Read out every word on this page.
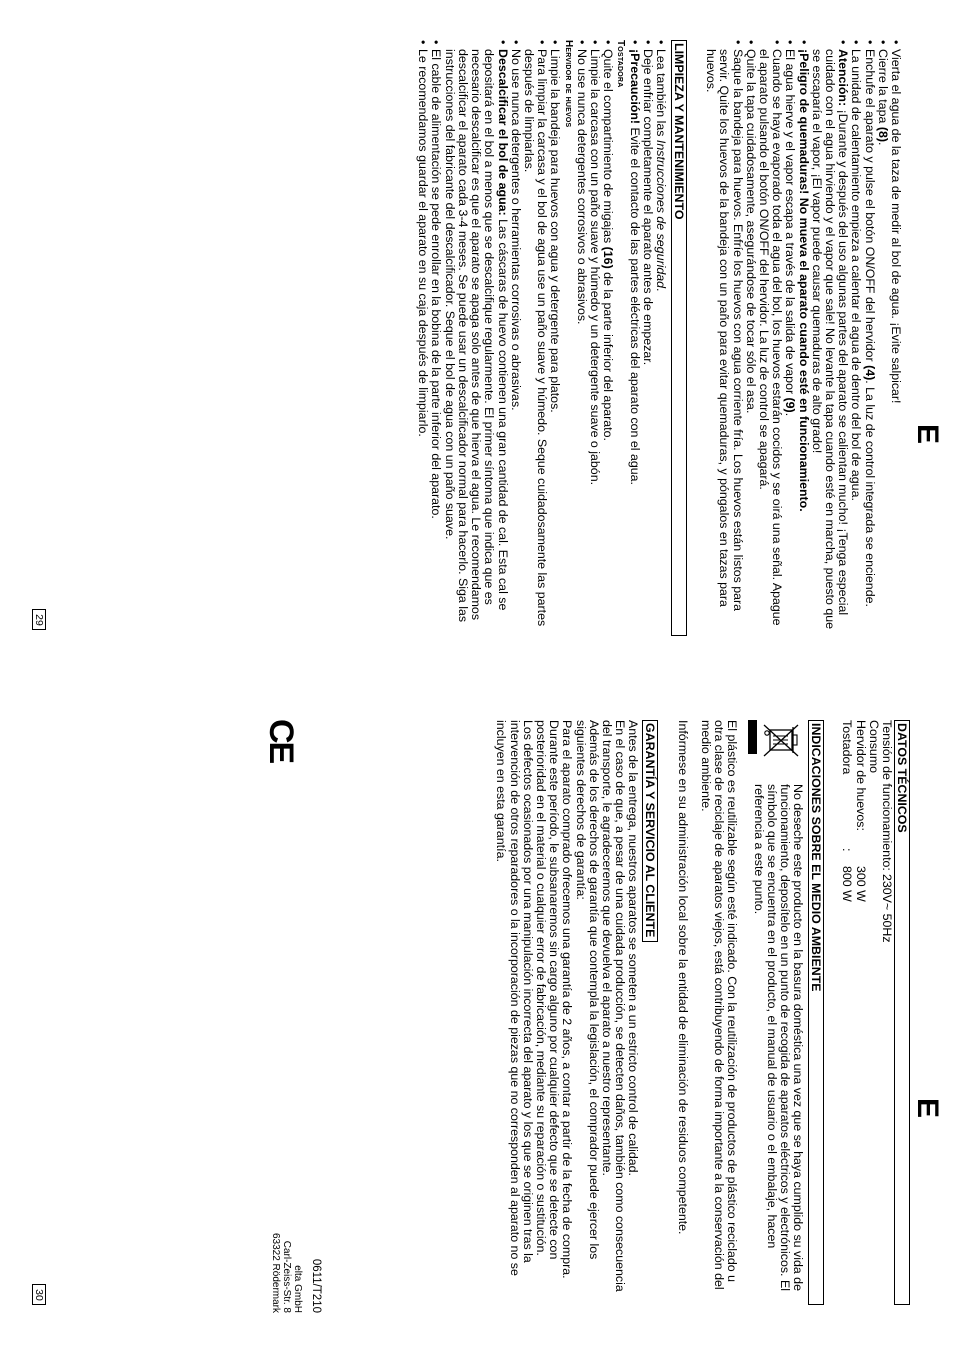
E
E
29
30

• Vierta el agua de la taza de medir al bol de agua. ¡Evite salpicar!

• Cierre la tapa (8).

• Enchufe el aparato y pulse el botón ON/OFF del hervidor (4). La luz de control integrada se enciende.

• La unidad de calentamiento empieza a calentar el agua de dentro del bol de agua.

• Atención: ¡Durante y después del uso algunas partes del aparato se calientan mucho! ¡Tenga especial cuidado con el agua hirviendo y el vapor que sale! No levante la tapa cuando esté en marcha, puesto que se escaparía el vapor, ¡El vapor puede causar quemaduras de alto grado!

• ¡Peligro de quemaduras! No mueva el aparato cuando esté en funcionamiento.

• El agua hierve y el vapor escapa a través de la salida de vapor (9).

• Cuando se haya evaporado toda el agua del bol, los huevos estarán cocidos y se oirá una señal. Apague el aparato pulsando el botón ON/OFF del hervidor. La luz de control se apagará.

• Quite la tapa cuidadosamente, asegurándose de tocar sólo el asa.

• Saque la bandeja para huevos. Enfríe los huevos con agua corriente fría. Los huevos están listos para servir. Quite los huevos de la bandeja con un paño para evitar quemaduras, y póngalos en tazas para huevos.

LIMPIEZA Y MANTENIMIENTO

• Lea también las Instrucciones de seguridad.

• Deje enfriar completamente el aparato antes de empezar.

• ¡Precaución! Evite el contacto de las partes eléctricas del aparato con el agua.

Tostadora

• Quite el compartimiento de migajas (16) de la parte inferior del aparato.

• Limpie la carcasa con un paño suave y húmedo y un detergente suave o jabón.

• No use nunca detergentes corrosivos o abrasivos.

Hervidor de huevos

• Limpie la bandeja para huevos con agua y detergente para platos.

• Para limpiar la carcasa y el bol de agua use un paño suave y húmedo. Seque cuidadosamente las partes después de limpiarlas.

• No use nunca detergentes o herramientas corrosivas o abrasivas.

• Descalcificar el bol de agua: Las cáscaras de huevo contienen una gran cantidad de cal. Esta cal se depositará en el bol a menos que se descalcifique regularmente. El primer síntoma que indica que es necesario descalcificar es que el aparato se apaga solo antes de que hierva el agua. Le recomendamos descalcificar el aparato cada 3-4 meses. Se puede usar un descalcificador normal para hacerlo. Siga las instrucciones del fabricante del descalcificador. Seque el bol de agua con un paño suave.

• El cable de alimentación se pede enrollar en la bobina de la parte inferior del aparato.

• Le recomendamos guardar el aparato en su caja después de limpiarlo.

DATOS TÉCNICOS
Tensión de funcionamiento:
230V~ 50Hz
Consumo
Hervidor de huevos:
300 W
Tostadora
:
800 W
INDICACIONES SOBRE EL MEDIO AMBIENTE

No deseche este producto en la basura doméstica una vez que se haya cumplido su vida de funcionamiento, deposítelo en un punto de recogida de aparatos eléctricos y electrónicos. El símbolo que se encuentra en el producto, el manual de usuario o el embalaje, hacen referencia a este punto.

El plástico es reutilizable según esté indicado. Con la reutilización de productos de plástico reciclado u otra clase de reciclaje de aparatos viejos, está contribuyendo de forma importante a la conservación del medio ambiente.

Infórmese en su administración local sobre la entidad de eliminación de residuos competente.

GARANTÍA Y SERVICIO AL CLIENTE

Antes de la entrega, nuestros aparatos se someten a un estricto control de calidad.

En el caso de que, a pesar de una cuidada producción, se detecten daños, también como consecuencia del transporte, le agradeceremos que devuelva el aparato a nuestro representante.

Además de los derechos de garantía que contempla la legislación, el comprador puede ejercer los siguientes derechos de garantía:

Para el aparato comprado ofrecemos una garantía de 2 años, a contar a partir de la fecha de compra. Durante este período, le subsanaremos sin cargo alguno por cualquier defecto que se detecte con posterioridad en el material o cualquier error de fabricación, mediante su reparación o sustitución.

Los defectos ocasionados por una manipulación incorrecta del aparato y los que se originen tras la intervención de otros reparadores o la incorporación de piezas que no corresponden al aparato no se incluyen en esta garantía.

CE
0611/T210
elta GmbH
Carl-Zeiss-Str. 8
63322 Rödermark
